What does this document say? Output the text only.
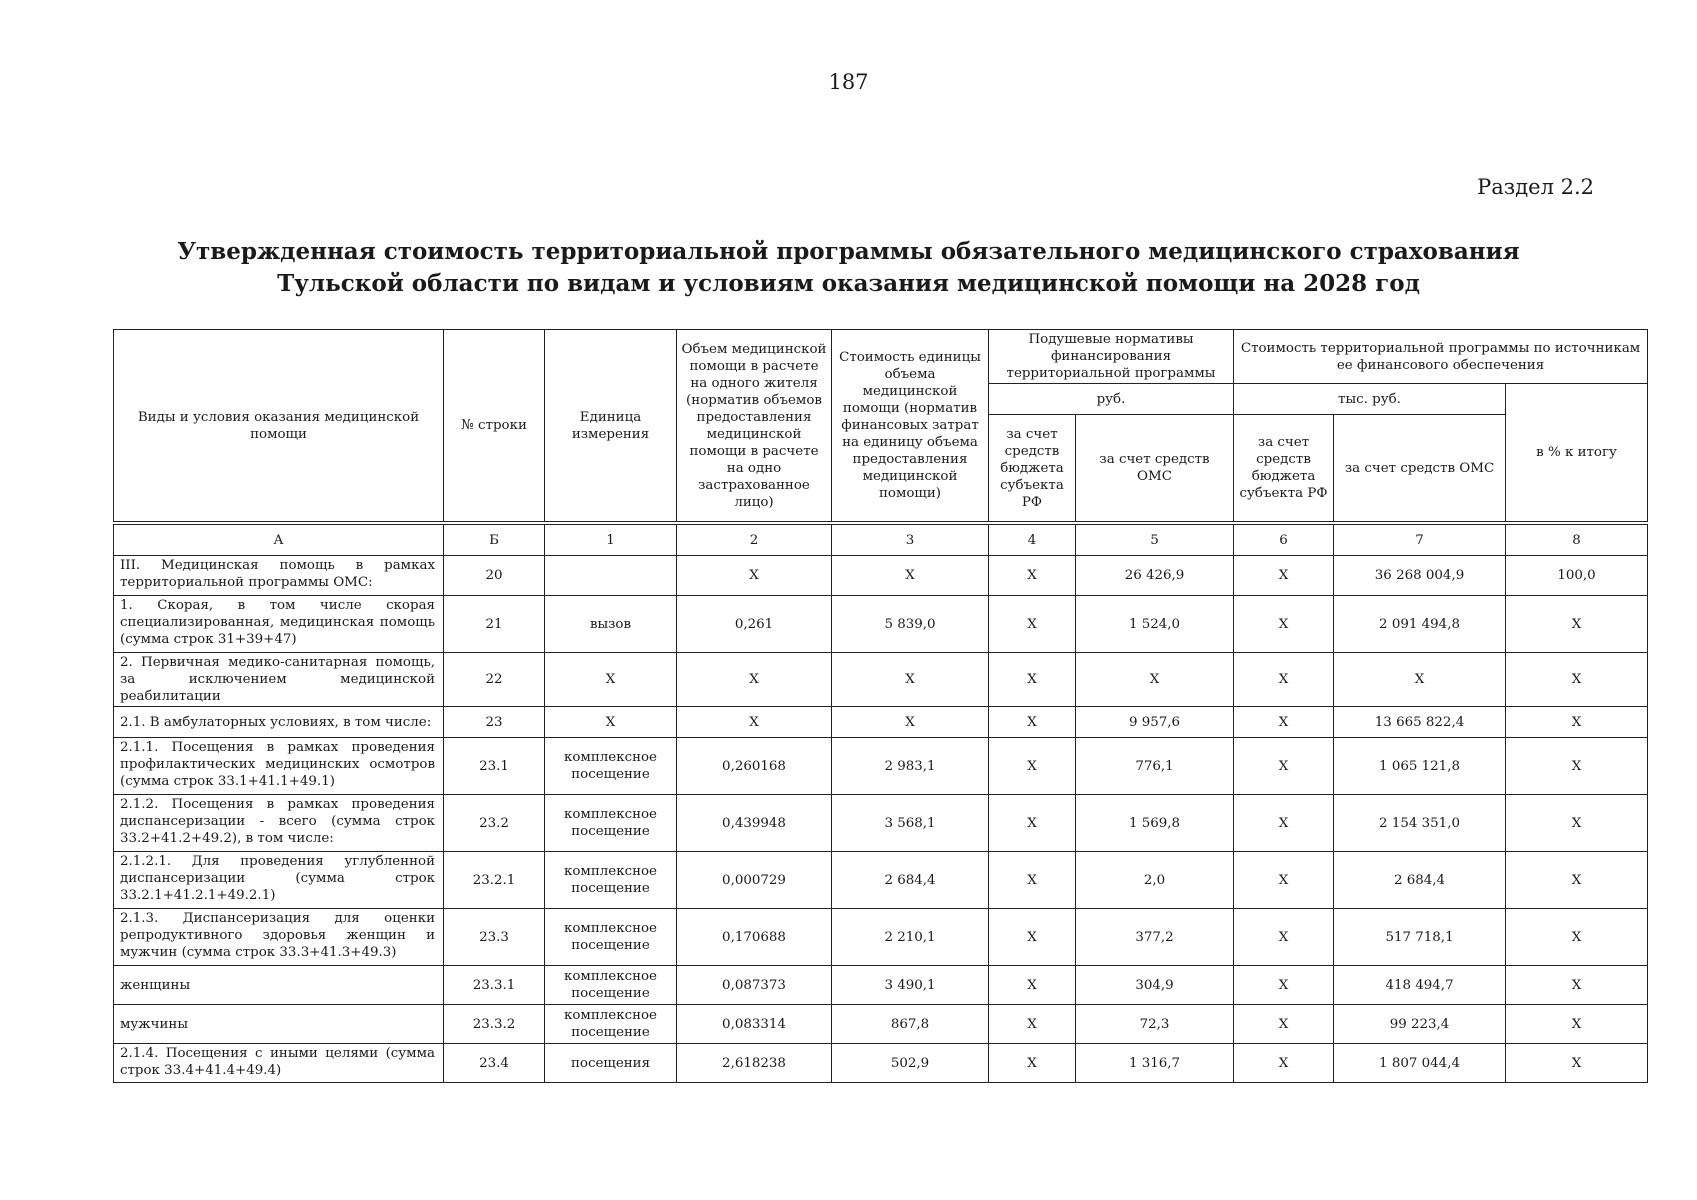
187
Раздел 2.2
Утвержденная стоимость территориальной программы обязательного медицинского страхования
Тульской области по видам и условиям оказания медицинской помощи на 2028 год
Виды и условия оказания медицинской помощи	№ строки	Единица измерения	Объем медицинской помощи в расчете на одного жителя (норматив объемов предоставления медицинской помощи в расчете на одно застрахованное лицо)	Стоимость единицы объема медицинской помощи (норматив финансовых затрат на единицу объема предоставления медицинской помощи)	Подушевые нормативы финансирования территориальной программы		Стоимость территориальной программы по источникам ее финансового обеспечения		
					руб.		тыс. руб.		в % к итогу
					за счет средств бюджета субъекта РФ	за счет средств ОМС	за счет средств бюджета субъекта РФ	за счет средств ОМС	
А	Б	1	2	3	4	5	6	7	8
III. Медицинская помощь в рамках территориальной программы ОМС:	20		Х	Х	Х	26 426,9	Х	36 268 004,9	100,0
1. Скорая, в том числе скорая специализированная, медицинская помощь (сумма строк 31+39+47)	21	вызов	0,261	5 839,0	Х	1 524,0	Х	2 091 494,8	Х
2. Первичная медико-санитарная помощь, за исключением медицинской реабилитации	22	Х	Х	Х	Х	Х	Х	Х	Х
2.1. В амбулаторных условиях, в том числе:	23	Х	Х	Х	Х	9 957,6	Х	13 665 822,4	Х
2.1.1. Посещения в рамках проведения профилактических медицинских осмотров (сумма строк 33.1+41.1+49.1)	23.1	комплексное посещение	0,260168	2 983,1	Х	776,1	Х	1 065 121,8	Х
2.1.2. Посещения в рамках проведения диспансеризации - всего (сумма строк 33.2+41.2+49.2), в том числе:	23.2	комплексное посещение	0,439948	3 568,1	Х	1 569,8	Х	2 154 351,0	Х
2.1.2.1. Для проведения углубленной диспансеризации (сумма строк 33.2.1+41.2.1+49.2.1)	23.2.1	комплексное посещение	0,000729	2 684,4	Х	2,0	Х	2 684,4	Х
2.1.3. Диспансеризация для оценки репродуктивного здоровья женщин и мужчин (сумма строк 33.3+41.3+49.3)	23.3	комплексное посещение	0,170688	2 210,1	Х	377,2	Х	517 718,1	Х
женщины	23.3.1	комплексное посещение	0,087373	3 490,1	Х	304,9	Х	418 494,7	Х
мужчины	23.3.2	комплексное посещение	0,083314	867,8	Х	72,3	Х	99 223,4	Х
2.1.4. Посещения с иными целями (сумма строк 33.4+41.4+49.4)	23.4	посещения	2,618238	502,9	Х	1 316,7	Х	1 807 044,4	Х
